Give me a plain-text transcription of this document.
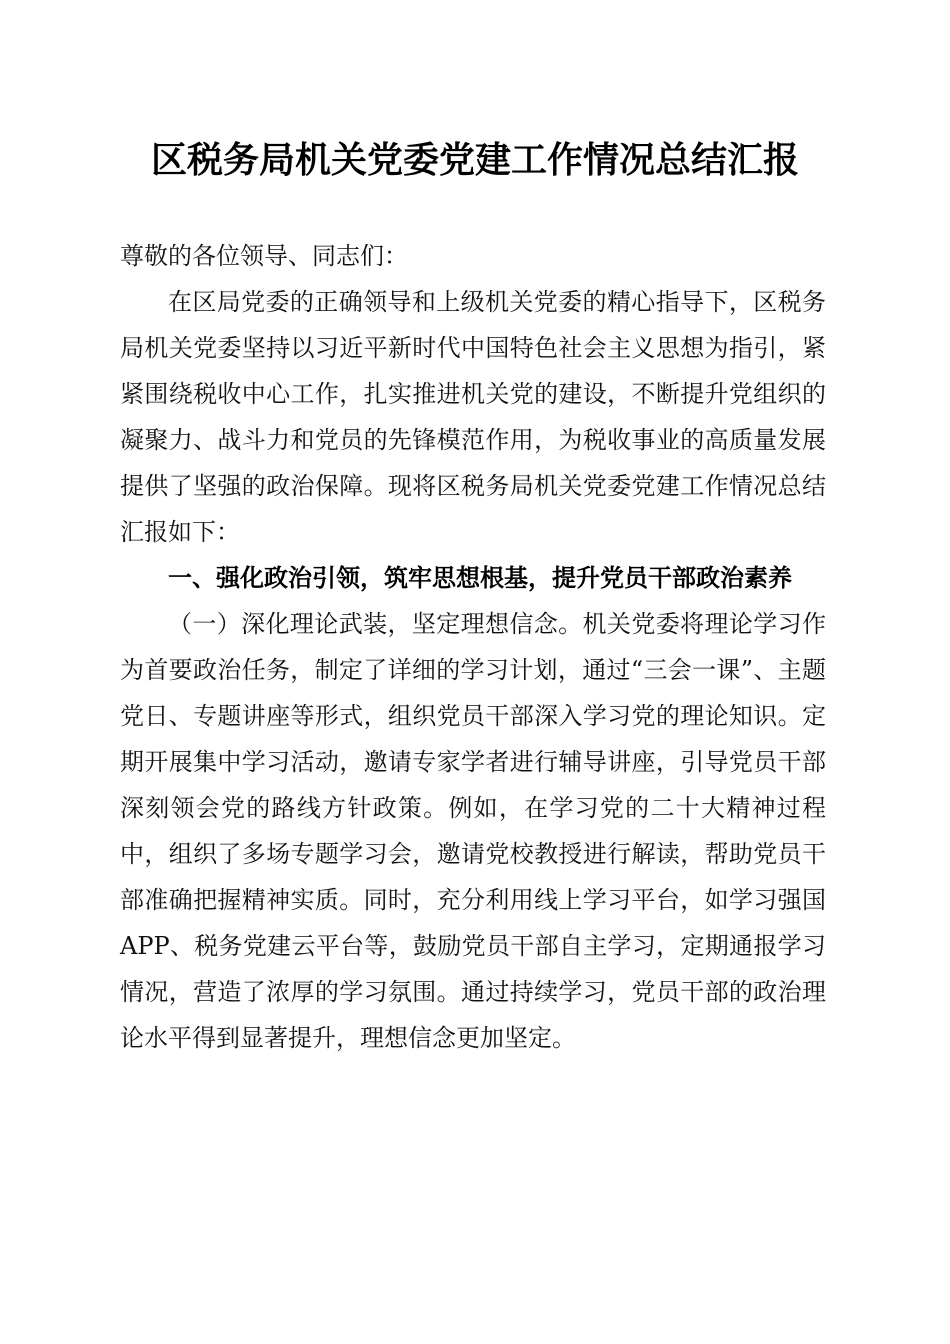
区税务局机关党委党建工作情况总结汇报

尊敬的各位领导、同志们：

在区局党委的正确领导和上级机关党委的精心指导下，区税务局机关党委坚持以习近平新时代中国特色社会主义思想为指引，紧紧围绕税收中心工作，扎实推进机关党的建设，不断提升党组织的凝聚力、战斗力和党员的先锋模范作用，为税收事业的高质量发展提供了坚强的政治保障。现将区税务局机关党委党建工作情况总结汇报如下：

一、强化政治引领，筑牢思想根基，提升党员干部政治素养

（一）深化理论武装，坚定理想信念。机关党委将理论学习作为首要政治任务，制定了详细的学习计划，通过“三会一课”、主题党日、专题讲座等形式，组织党员干部深入学习党的理论知识。定期开展集中学习活动，邀请专家学者进行辅导讲座，引导党员干部深刻领会党的路线方针政策。例如，在学习党的二十大精神过程中，组织了多场专题学习会，邀请党校教授进行解读，帮助党员干部准确把握精神实质。同时，充分利用线上学习平台，如学习强国APP、税务党建云平台等，鼓励党员干部自主学习，定期通报学习情况，营造了浓厚的学习氛围。通过持续学习，党员干部的政治理论水平得到显著提升，理想信念更加坚定。
